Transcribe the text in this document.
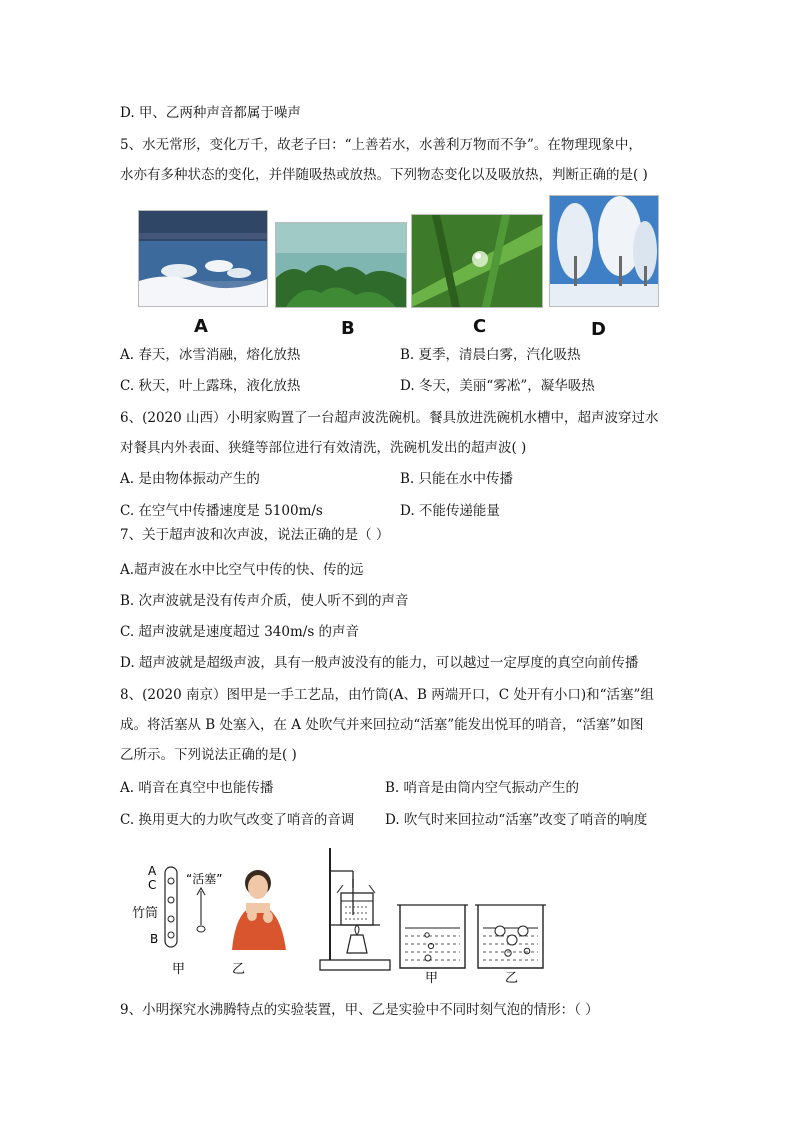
D. 甲、乙两种声音都属于噪声
5、水无常形，变化万千，故老子曰：“上善若水，水善利万物而不争”。在物理现象中，
水亦有多种状态的变化，并伴随吸热或放热。下列物态变化以及吸放热，判断正确的是( )
A	B	C	D
A. 春天，冰雪消融，熔化放热	B. 夏季，清晨白雾，汽化吸热
C. 秋天，叶上露珠，液化放热	D. 冬天，美丽“雾凇”，凝华吸热
6、(2020 山西）小明家购置了一台超声波洗碗机。餐具放进洗碗机水槽中，超声波穿过水
对餐具内外表面、狭缝等部位进行有效清洗，洗碗机发出的超声波( )
A. 是由物体振动产生的	B. 只能在水中传播
C. 在空气中传播速度是 5100m/s	D. 不能传递能量
7、关于超声波和次声波，说法正确的是（ ）
A.超声波在水中比空气中传的快、传的远
B. 次声波就是没有传声介质，使人听不到的声音
C. 超声波就是速度超过 340m/s 的声音
D. 超声波就是超级声波，具有一般声波没有的能力，可以越过一定厚度的真空向前传播
8、(2020 南京）图甲是一手工艺品，由竹筒(A、B 两端开口，C 处开有小口)和“活塞”组
成。将活塞从 B 处塞入，在 A 处吹气并来回拉动“活塞”能发出悦耳的哨音，“活塞”如图
乙所示。下列说法正确的是( )
A. 哨音在真空中也能传播	B. 哨音是由筒内空气振动产生的
C. 换用更大的力吹气改变了哨音的音调 D. 吹气时来回拉动“活塞”改变了哨音的响度
A
C
竹筒
B
“活塞”
甲	乙
甲	乙
9、小明探究水沸腾特点的实验装置，甲、乙是实验中不同时刻气泡的情形：（ ）
